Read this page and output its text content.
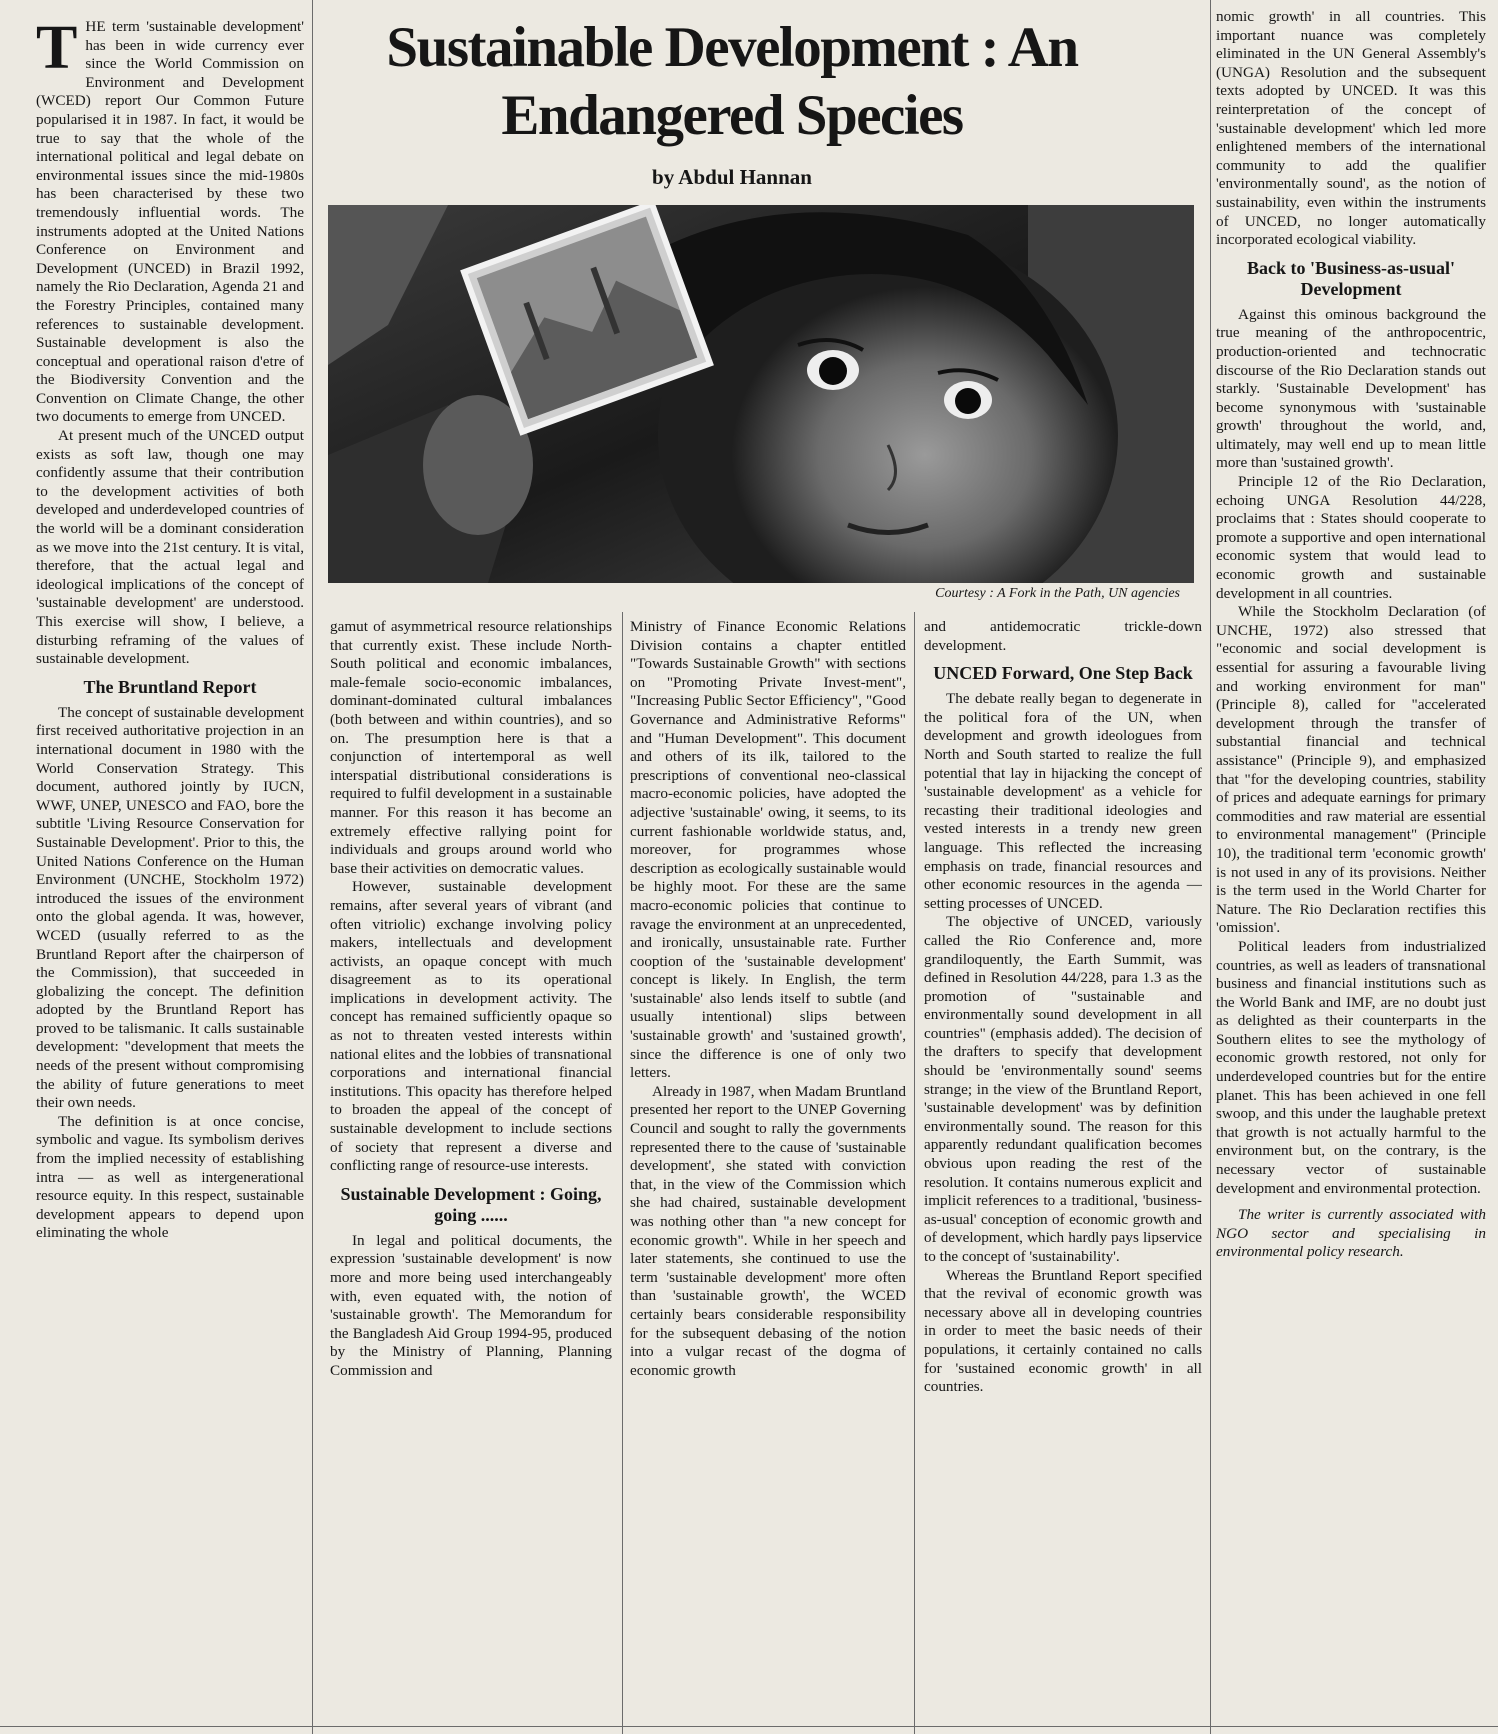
Sustainable Development : An Endangered Species
by Abdul Hannan
Courtesy : A Fork in the Path, UN agencies

THE term 'sustainable development' has been in wide currency ever since the World Commission on Environment and Development (WCED) report Our Common Future popularised it in 1987. In fact, it would be true to say that the whole of the international political and legal debate on environmental issues since the mid-1980s has been characterised by these two tremendously influential words. The instruments adopted at the United Nations Conference on Environment and Development (UNCED) in Brazil 1992, namely the Rio Declaration, Agenda 21 and the Forestry Principles, contained many references to sustainable development. Sustainable development is also the conceptual and operational raison d'etre of the Biodiversity Convention and the Convention on Climate Change, the other two documents to emerge from UNCED.

At present much of the UNCED output exists as soft law, though one may confidently assume that their contribution to the development activities of both developed and underdeveloped countries of the world will be a dominant consideration as we move into the 21st century. It is vital, therefore, that the actual legal and ideological implications of the concept of 'sustainable development' are understood. This exercise will show, I believe, a disturbing reframing of the values of sustainable development.

The Bruntland Report

The concept of sustainable development first received authoritative projection in an international document in 1980 with the World Conservation Strategy. This document, authored jointly by IUCN, WWF, UNEP, UNESCO and FAO, bore the subtitle 'Living Resource Conservation for Sustainable Development'. Prior to this, the United Nations Conference on the Human Environment (UNCHE, Stockholm 1972) introduced the issues of the environment onto the global agenda. It was, however, WCED (usually referred to as the Bruntland Report after the chairperson of the Commission), that succeeded in globalizing the concept. The definition adopted by the Bruntland Report has proved to be talismanic. It calls sustainable development: "development that meets the needs of the present without compromising the ability of future generations to meet their own needs.

The definition is at once concise, symbolic and vague. Its symbolism derives from the implied necessity of establishing intra — as well as intergenerational resource equity. In this respect, sustainable development appears to depend upon eliminating the whole

gamut of asymmetrical resource relationships that currently exist. These include North-South political and economic imbalances, male-female socio-economic imbalances, dominant-dominated cultural imbalances (both between and within countries), and so on. The presumption here is that a conjunction of intertemporal as well interspatial distributional considerations is required to fulfil development in a sustainable manner. For this reason it has become an extremely effective rallying point for individuals and groups around world who base their activities on democratic values.

However, sustainable development remains, after several years of vibrant (and often vitriolic) exchange involving policy makers, intellectuals and development activists, an opaque concept with much disagreement as to its operational implications in development activity. The concept has remained sufficiently opaque so as not to threaten vested interests within national elites and the lobbies of transnational corporations and international financial institutions. This opacity has therefore helped to broaden the appeal of the concept of sustainable development to include sections of society that represent a diverse and conflicting range of resource-use interests.

Sustainable Development : Going, going ......

In legal and political documents, the expression 'sustainable development' is now more and more being used interchangeably with, even equated with, the notion of 'sustainable growth'. The Memorandum for the Bangladesh Aid Group 1994-95, produced by the Ministry of Planning, Planning Commission and

Ministry of Finance Economic Relations Division contains a chapter entitled "Towards Sustainable Growth" with sections on "Promoting Private Invest-ment", "Increasing Public Sector Efficiency", "Good Governance and Administrative Reforms" and "Human Development". This document and others of its ilk, tailored to the prescriptions of conventional neo-classical macro-economic policies, have adopted the adjective 'sustainable' owing, it seems, to its current fashionable worldwide status, and, moreover, for programmes whose description as ecologically sustainable would be highly moot. For these are the same macro-economic policies that continue to ravage the environment at an unprecedented, and ironically, unsustainable rate. Further cooption of the 'sustainable development' concept is likely. In English, the term 'sustainable' also lends itself to subtle (and usually intentional) slips between 'sustainable growth' and 'sustained growth', since the difference is one of only two letters.

Already in 1987, when Madam Bruntland presented her report to the UNEP Governing Council and sought to rally the governments represented there to the cause of 'sustainable development', she stated with conviction that, in the view of the Commission which she had chaired, sustainable development was nothing other than "a new concept for economic growth". While in her speech and later statements, she continued to use the term 'sustainable development' more often than 'sustainable growth', the WCED certainly bears considerable responsibility for the subsequent debasing of the notion into a vulgar recast of the dogma of economic growth

and antidemocratic trickle-down development.

UNCED Forward, One Step Back

The debate really began to degenerate in the political fora of the UN, when development and growth ideologues from North and South started to realize the full potential that lay in hijacking the concept of 'sustainable development' as a vehicle for recasting their traditional ideologies and vested interests in a trendy new green language. This reflected the increasing emphasis on trade, financial resources and other economic resources in the agenda — setting processes of UNCED.

The objective of UNCED, variously called the Rio Conference and, more grandiloquently, the Earth Summit, was defined in Resolution 44/228, para 1.3 as the promotion of "sustainable and environmentally sound development in all countries" (emphasis added). The decision of the drafters to specify that development should be 'environmentally sound' seems strange; in the view of the Bruntland Report, 'sustainable development' was by definition environmentally sound. The reason for this apparently redundant qualification becomes obvious upon reading the rest of the resolution. It contains numerous explicit and implicit references to a traditional, 'business-as-usual' conception of economic growth and of development, which hardly pays lipservice to the concept of 'sustainability'.

Whereas the Bruntland Report specified that the revival of economic growth was necessary above all in developing countries in order to meet the basic needs of their populations, it certainly contained no calls for 'sustained economic growth' in all countries.

nomic growth' in all countries. This important nuance was completely eliminated in the UN General Assembly's (UNGA) Resolution and the subsequent texts adopted by UNCED. It was this reinterpretation of the concept of 'sustainable development' which led more enlightened members of the international community to add the qualifier 'environmentally sound', as the notion of sustainability, even within the instruments of UNCED, no longer automatically incorporated ecological viability.

Back to 'Business-as-usual' Development

Against this ominous background the true meaning of the anthropocentric, production-oriented and technocratic discourse of the Rio Declaration stands out starkly. 'Sustainable Development' has become synonymous with 'sustainable growth' throughout the world, and, ultimately, may well end up to mean little more than 'sustained growth'.

Principle 12 of the Rio Declaration, echoing UNGA Resolution 44/228, proclaims that : States should cooperate to promote a supportive and open international economic system that would lead to economic growth and sustainable development in all countries.

While the Stockholm Declaration (of UNCHE, 1972) also stressed that "economic and social development is essential for assuring a favourable living and working environment for man" (Principle 8), called for "accelerated development through the transfer of substantial financial and technical assistance" (Principle 9), and emphasized that "for the developing countries, stability of prices and adequate earnings for primary commodities and raw material are essential to environmental management" (Principle 10), the traditional term 'economic growth' is not used in any of its provisions. Neither is the term used in the World Charter for Nature. The Rio Declaration rectifies this 'omission'.

Political leaders from industrialized countries, as well as leaders of transnational business and financial institutions such as the World Bank and IMF, are no doubt just as delighted as their counterparts in the Southern elites to see the mythology of economic growth restored, not only for underdeveloped countries but for the entire planet. This has been achieved in one fell swoop, and this under the laughable pretext that growth is not actually harmful to the environment but, on the contrary, is the necessary vector of sustainable development and environmental protection.

The writer is currently associated with NGO sector and specialising in environmental policy research.
